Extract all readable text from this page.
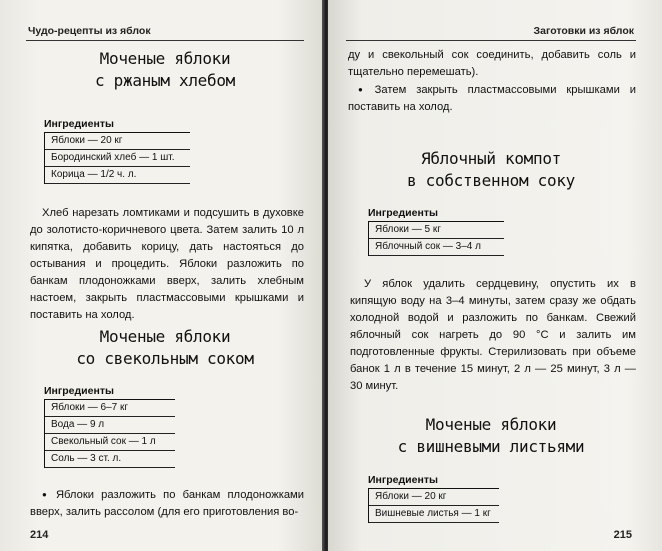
Чудо-рецепты из яблок
Моченые яблоки
с ржаным хлебом
Ингредиенты
Яблоки — 20 кг
Бородинский хлеб — 1 шт.
Корица — 1/2 ч. л.

Хлеб нарезать ломтиками и подсушить в духовке до золотисто-коричневого цвета. Затем залить 10 л кипятка, добавить корицу, дать настояться до остывания и процедить. Яблоки разложить по банкам плодоножками вверх, залить хлебным настоем, закрыть пластмассовыми крышками и поставить на холод.

Моченые яблоки
со свекольным соком
Ингредиенты
Яблоки — 6–7 кг
Вода — 9 л
Свекольный сок — 1 л
Соль — 3 ст. л.

● Яблоки разложить по банкам плодоножками вверх, залить рассолом (для его приготовления во-

214
Заготовки из яблок

ду и свекольный сок соединить, добавить соль и тщательно перемешать).

● Затем закрыть пластмассовыми крышками и поставить на холод.

Яблочный компот
в собственном соку
Ингредиенты
Яблоки — 5 кг
Яблочный сок — 3–4 л

У яблок удалить сердцевину, опустить их в кипящую воду на 3–4 минуты, затем сразу же обдать холодной водой и разложить по банкам. Свежий яблочный сок нагреть до 90 °С и залить им подготовленные фрукты. Стерилизовать при объеме банок 1 л в течение 15 минут, 2 л — 25 минут, 3 л — 30 минут.

Моченые яблоки
с вишневыми листьями
Ингредиенты
Яблоки — 20 кг
Вишневые листья — 1 кг
215
